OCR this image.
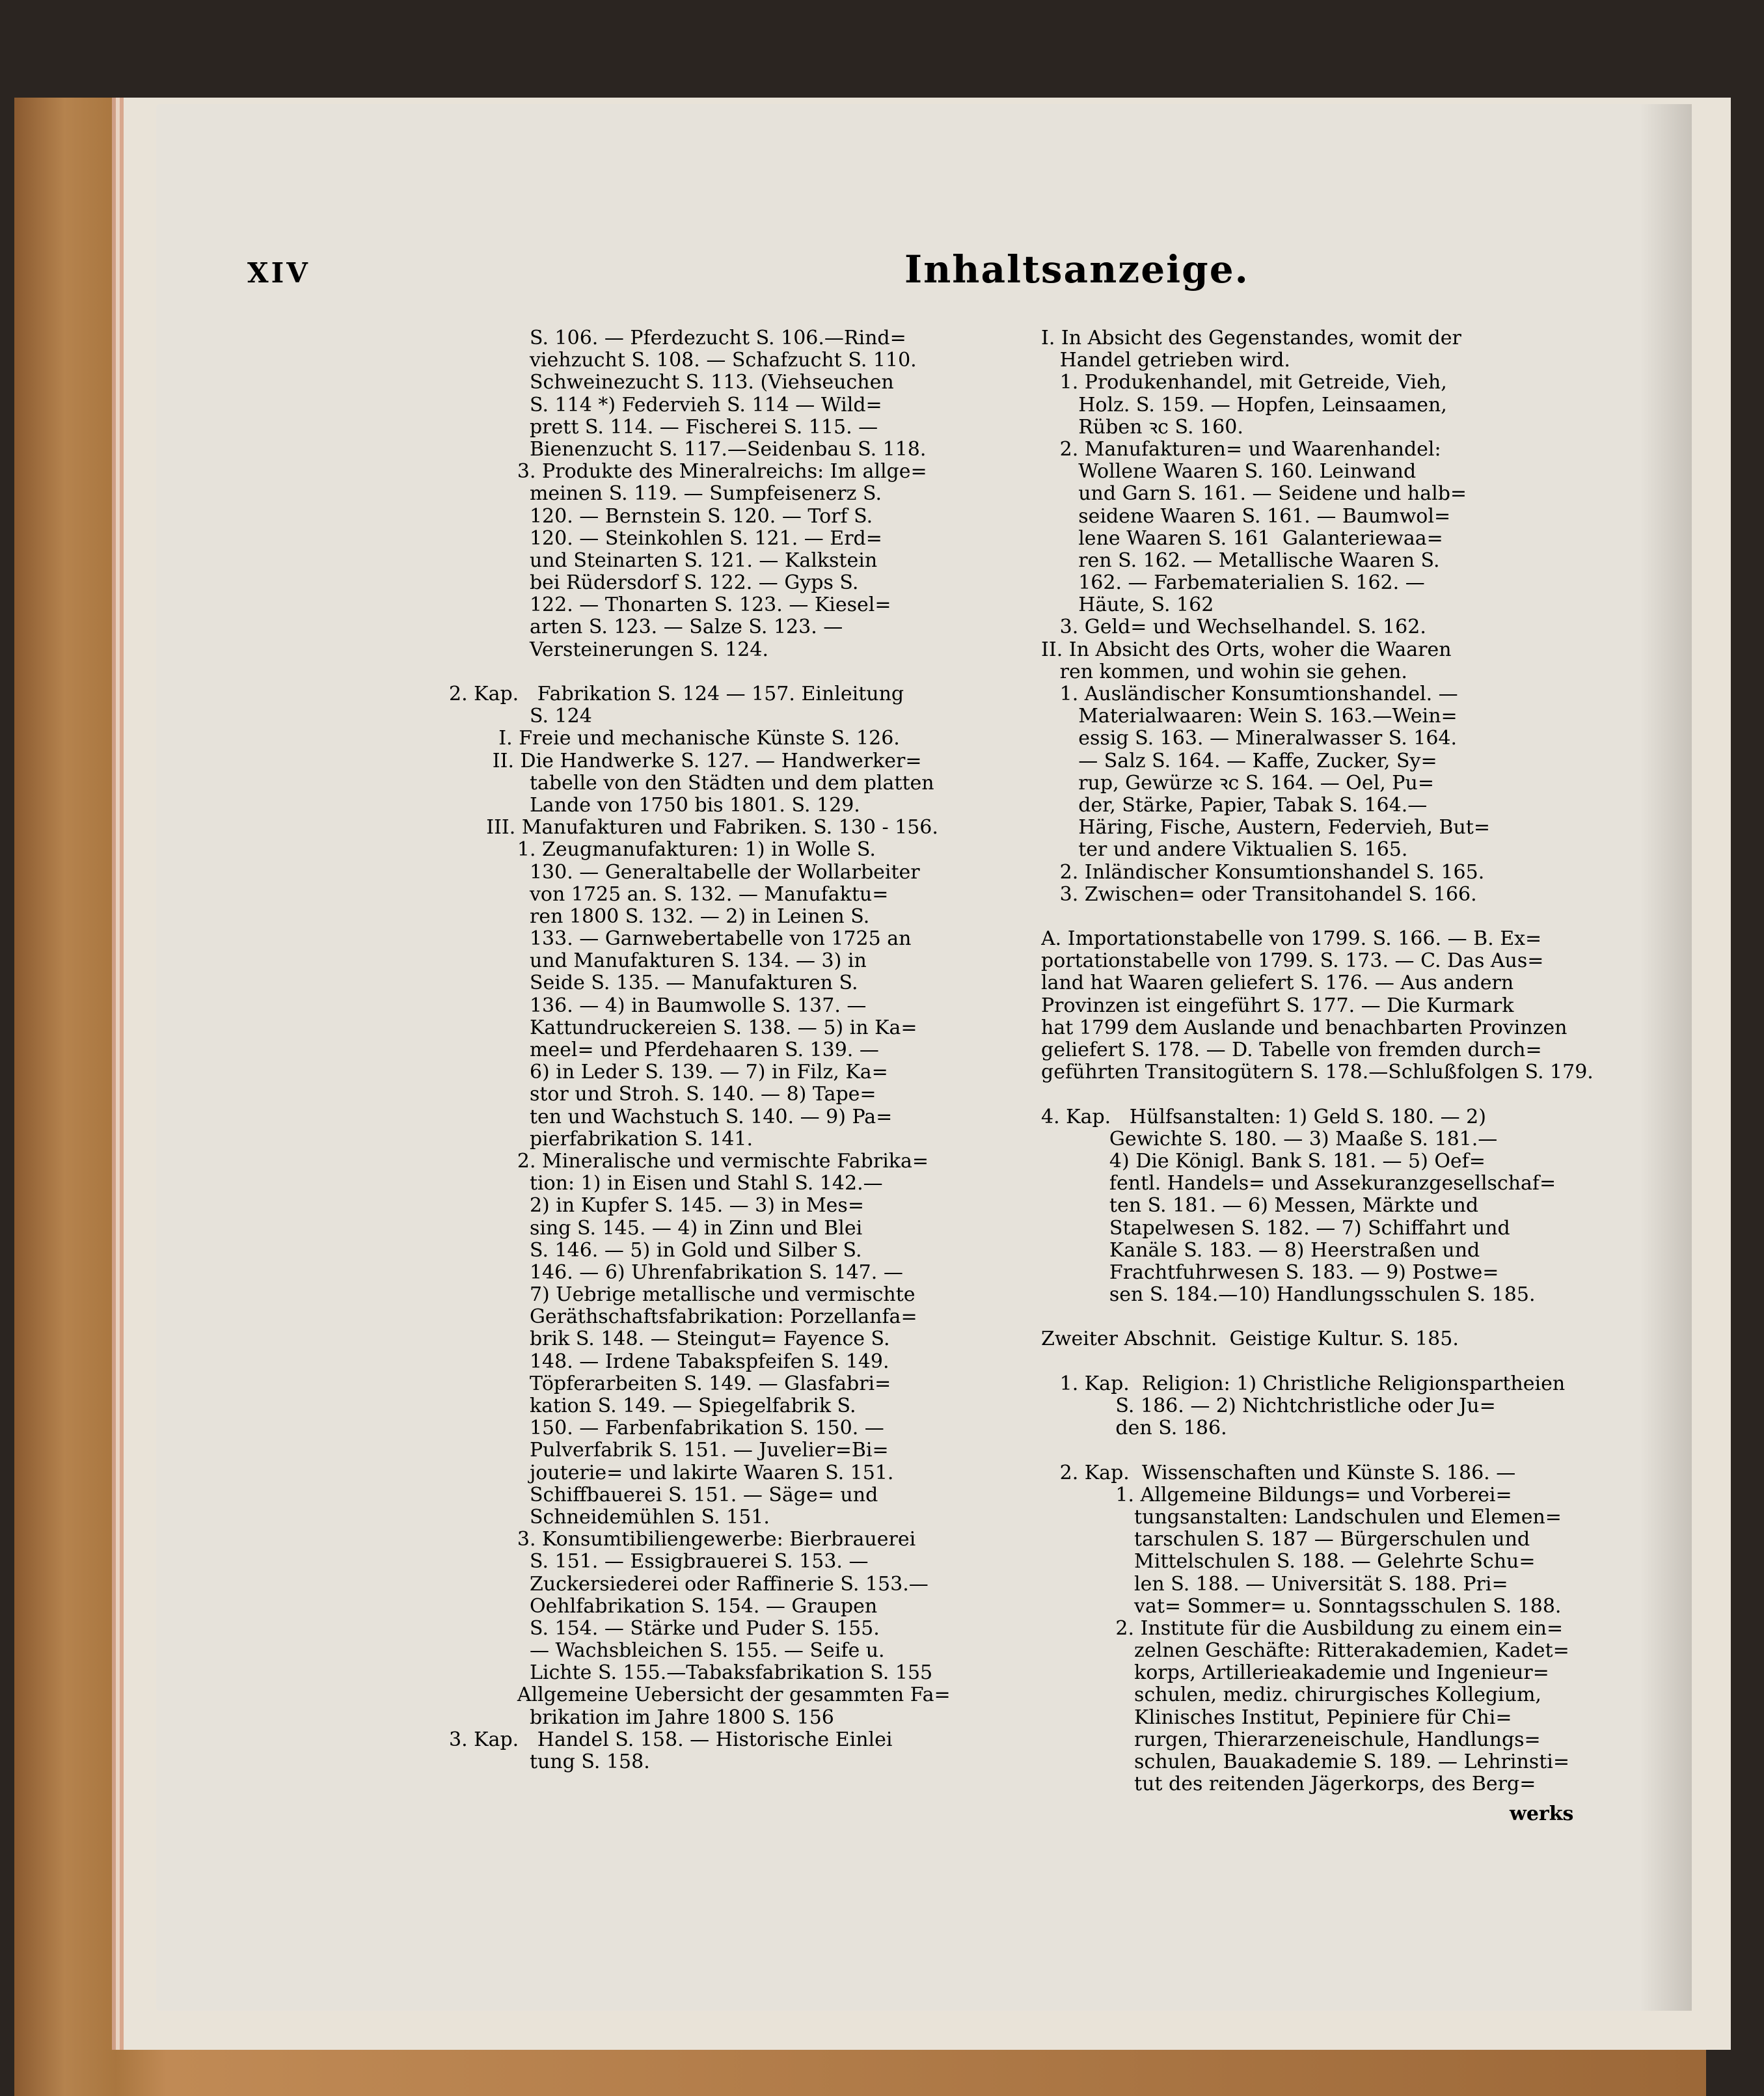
XIV	Inhaltsanzeige.
S. 106. — Pferdezucht S. 106.—Rind=
viehzucht S. 108. — Schafzucht S. 110.
Schweinezucht S. 113. (Viehseuchen
S. 114 *) Federvieh S. 114 — Wild=
prett S. 114. — Fischerei S. 115. —
Bienenzucht S. 117.—Seidenbau S. 118.
3. Produkte des Mineralreichs: Im allge=
meinen S. 119. — Sumpfeisenerz S.
120. — Bernstein S. 120. — Torf S.
120. — Steinkohlen S. 121. — Erd=
und Steinarten S. 121. — Kalkstein
bei Rüdersdorf S. 122. — Gyps S.
122. — Thonarten S. 123. — Kiesel=
arten S. 123. — Salze S. 123. —
Versteinerungen S. 124.
2. Kap.   Fabrikation S. 124 — 157. Einleitung
S. 124
I. Freie und mechanische Künste S. 126.
II. Die Handwerke S. 127. — Handwerker=
tabelle von den Städten und dem platten
Lande von 1750 bis 1801. S. 129.
III. Manufakturen und Fabriken. S. 130 - 156.
1. Zeugmanufakturen: 1) in Wolle S.
130. — Generaltabelle der Wollarbeiter
von 1725 an. S. 132. — Manufaktu=
ren 1800 S. 132. — 2) in Leinen S.
133. — Garnwebertabelle von 1725 an
und Manufakturen S. 134. — 3) in
Seide S. 135. — Manufakturen S.
136. — 4) in Baumwolle S. 137. —
Kattundruckereien S. 138. — 5) in Ka=
meel= und Pferdehaaren S. 139. —
6) in Leder S. 139. — 7) in Filz, Ka=
stor und Stroh. S. 140. — 8) Tape=
ten und Wachstuch S. 140. — 9) Pa=
pierfabrikation S. 141.
2. Mineralische und vermischte Fabrika=
tion: 1) in Eisen und Stahl S. 142.—
2) in Kupfer S. 145. — 3) in Mes=
sing S. 145. — 4) in Zinn und Blei
S. 146. — 5) in Gold und Silber S.
146. — 6) Uhrenfabrikation S. 147. —
7) Uebrige metallische und vermischte
Geräthschaftsfabrikation: Porzellanfa=
brik S. 148. — Steingut= Fayence S.
148. — Irdene Tabakspfeifen S. 149.
Töpferarbeiten S. 149. — Glasfabri=
kation S. 149. — Spiegelfabrik S.
150. — Farbenfabrikation S. 150. —
Pulverfabrik S. 151. — Juvelier=Bi=
jouterie= und lakirte Waaren S. 151.
Schiffbauerei S. 151. — Säge= und
Schneidemühlen S. 151.
3. Konsumtibiliengewerbe: Bierbrauerei
S. 151. — Essigbrauerei S. 153. —
Zuckersiederei oder Raffinerie S. 153.—
Oehlfabrikation S. 154. — Graupen
S. 154. — Stärke und Puder S. 155.
— Wachsbleichen S. 155. — Seife u.
Lichte S. 155.—Tabaksfabrikation S. 155
Allgemeine Uebersicht der gesammten Fa=
brikation im Jahre 1800 S. 156
3. Kap.   Handel S. 158. — Historische Einlei
tung S. 158.
I. In Absicht des Gegenstandes, womit der
Handel getrieben wird.
1. Produkenhandel, mit Getreide, Vieh,
Holz. S. 159. — Hopfen, Leinsaamen,
Rüben ꝛc S. 160.
2. Manufakturen= und Waarenhandel:
Wollene Waaren S. 160. Leinwand
und Garn S. 161. — Seidene und halb=
seidene Waaren S. 161. — Baumwol=
lene Waaren S. 161  Galanteriewaa=
ren S. 162. — Metallische Waaren S.
162. — Farbematerialien S. 162. —
Häute, S. 162
3. Geld= und Wechselhandel. S. 162.
II. In Absicht des Orts, woher die Waaren
ren kommen, und wohin sie gehen.
1. Ausländischer Konsumtionshandel. —
Materialwaaren: Wein S. 163.—Wein=
essig S. 163. — Mineralwasser S. 164.
— Salz S. 164. — Kaffe, Zucker, Sy=
rup, Gewürze ꝛc S. 164. — Oel, Pu=
der, Stärke, Papier, Tabak S. 164.—
Häring, Fische, Austern, Federvieh, But=
ter und andere Viktualien S. 165.
2. Inländischer Konsumtionshandel S. 165.
3. Zwischen= oder Transitohandel S. 166.
A. Importationstabelle von 1799. S. 166. — B. Ex=
portationstabelle von 1799. S. 173. — C. Das Aus=
land hat Waaren geliefert S. 176. — Aus andern
Provinzen ist eingeführt S. 177. — Die Kurmark
hat 1799 dem Auslande und benachbarten Provinzen
geliefert S. 178. — D. Tabelle von fremden durch=
geführten Transitogütern S. 178.—Schlußfolgen S. 179.
4. Kap.   Hülfsanstalten: 1) Geld S. 180. — 2)
Gewichte S. 180. — 3) Maaße S. 181.—
4) Die Königl. Bank S. 181. — 5) Oef=
fentl. Handels= und Assekuranzgesellschaf=
ten S. 181. — 6) Messen, Märkte und
Stapelwesen S. 182. — 7) Schiffahrt und
Kanäle S. 183. — 8) Heerstraßen und
Frachtfuhrwesen S. 183. — 9) Postwe=
sen S. 184.—10) Handlungsschulen S. 185.
Zweiter Abschnit.  Geistige Kultur. S. 185.
1. Kap.  Religion: 1) Christliche Religionspartheien
S. 186. — 2) Nichtchristliche oder Ju=
den S. 186.
2. Kap.  Wissenschaften und Künste S. 186. —
1. Allgemeine Bildungs= und Vorberei=
tungsanstalten: Landschulen und Elemen=
tarschulen S. 187 — Bürgerschulen und
Mittelschulen S. 188. — Gelehrte Schu=
len S. 188. — Universität S. 188. Pri=
vat= Sommer= u. Sonntagsschulen S. 188.
2. Institute für die Ausbildung zu einem ein=
zelnen Geschäfte: Ritterakademien, Kadet=
korps, Artillerieakademie und Ingenieur=
schulen, mediz. chirurgisches Kollegium,
Klinisches Institut, Pepiniere für Chi=
rurgen, Thierarzeneischule, Handlungs=
schulen, Bauakademie S. 189. — Lehrinsti=
tut des reitenden Jägerkorps, des Berg=
werks
